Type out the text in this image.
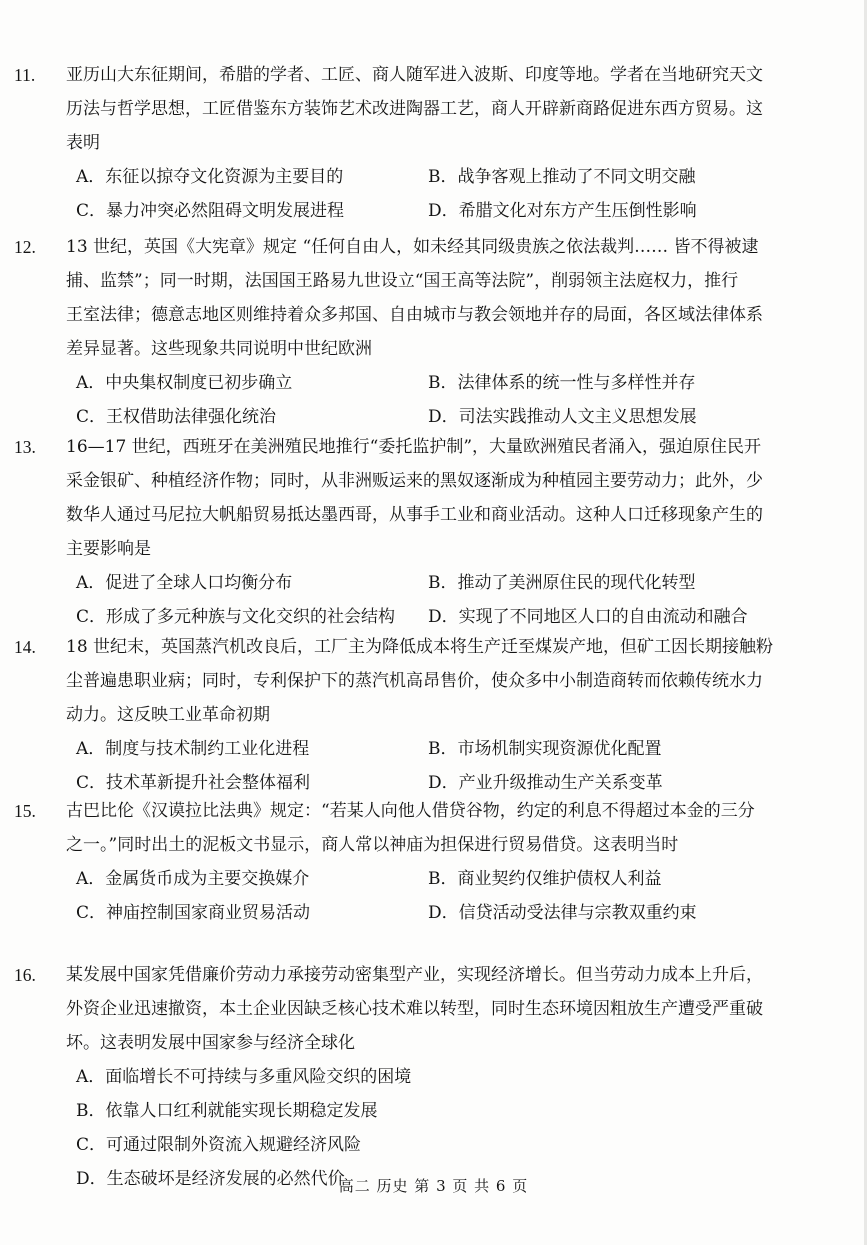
11. 亚历山大东征期间，希腊的学者、工匠、商人随军进入波斯、印度等地。学者在当地研究天文
历法与哲学思想，工匠借鉴东方装饰艺术改进陶器工艺，商人开辟新商路促进东西方贸易。这
表明
A．东征以掠夺文化资源为主要目的	B．战争客观上推动了不同文明交融
C．暴力冲突必然阻碍文明发展进程	D．希腊文化对东方产生压倒性影响
12. 13 世纪，英国《大宪章》规定 “任何自由人，如未经其同级贵族之依法裁判…… 皆不得被逮
捕、监禁”；同一时期，法国国王路易九世设立“国王高等法院”，削弱领主法庭权力，推行
王室法律；德意志地区则维持着众多邦国、自由城市与教会领地并存的局面，各区域法律体系
差异显著。这些现象共同说明中世纪欧洲
A．中央集权制度已初步确立	B．法律体系的统一性与多样性并存
C．王权借助法律强化统治	D．司法实践推动人文主义思想发展
13. 16—17 世纪，西班牙在美洲殖民地推行“委托监护制”，大量欧洲殖民者涌入，强迫原住民开
采金银矿、种植经济作物；同时，从非洲贩运来的黑奴逐渐成为种植园主要劳动力；此外，少
数华人通过马尼拉大帆船贸易抵达墨西哥，从事手工业和商业活动。这种人口迁移现象产生的
主要影响是
A．促进了全球人口均衡分布	B．推动了美洲原住民的现代化转型
C．形成了多元种族与文化交织的社会结构 D．实现了不同地区人口的自由流动和融合
14. 18 世纪末，英国蒸汽机改良后，工厂主为降低成本将生产迁至煤炭产地，但矿工因长期接触粉
尘普遍患职业病；同时，专利保护下的蒸汽机高昂售价，使众多中小制造商转而依赖传统水力
动力。这反映工业革命初期
A．制度与技术制约工业化进程	B．市场机制实现资源优化配置
C．技术革新提升社会整体福利	D．产业升级推动生产关系变革
15. 古巴比伦《汉谟拉比法典》规定：“若某人向他人借贷谷物，约定的利息不得超过本金的三分
之一。”同时出土的泥板文书显示，商人常以神庙为担保进行贸易借贷。这表明当时
A．金属货币成为主要交换媒介	B．商业契约仅维护债权人利益
C．神庙控制国家商业贸易活动	D．信贷活动受法律与宗教双重约束
16. 某发展中国家凭借廉价劳动力承接劳动密集型产业，实现经济增长。但当劳动力成本上升后，
外资企业迅速撤资，本土企业因缺乏核心技术难以转型，同时生态环境因粗放生产遭受严重破
坏。这表明发展中国家参与经济全球化
A．面临增长不可持续与多重风险交织的困境
B．依靠人口红利就能实现长期稳定发展
C．可通过限制外资流入规避经济风险
D．生态破坏是经济发展的必然代价
高二 历史 第 3 页 共 6 页
